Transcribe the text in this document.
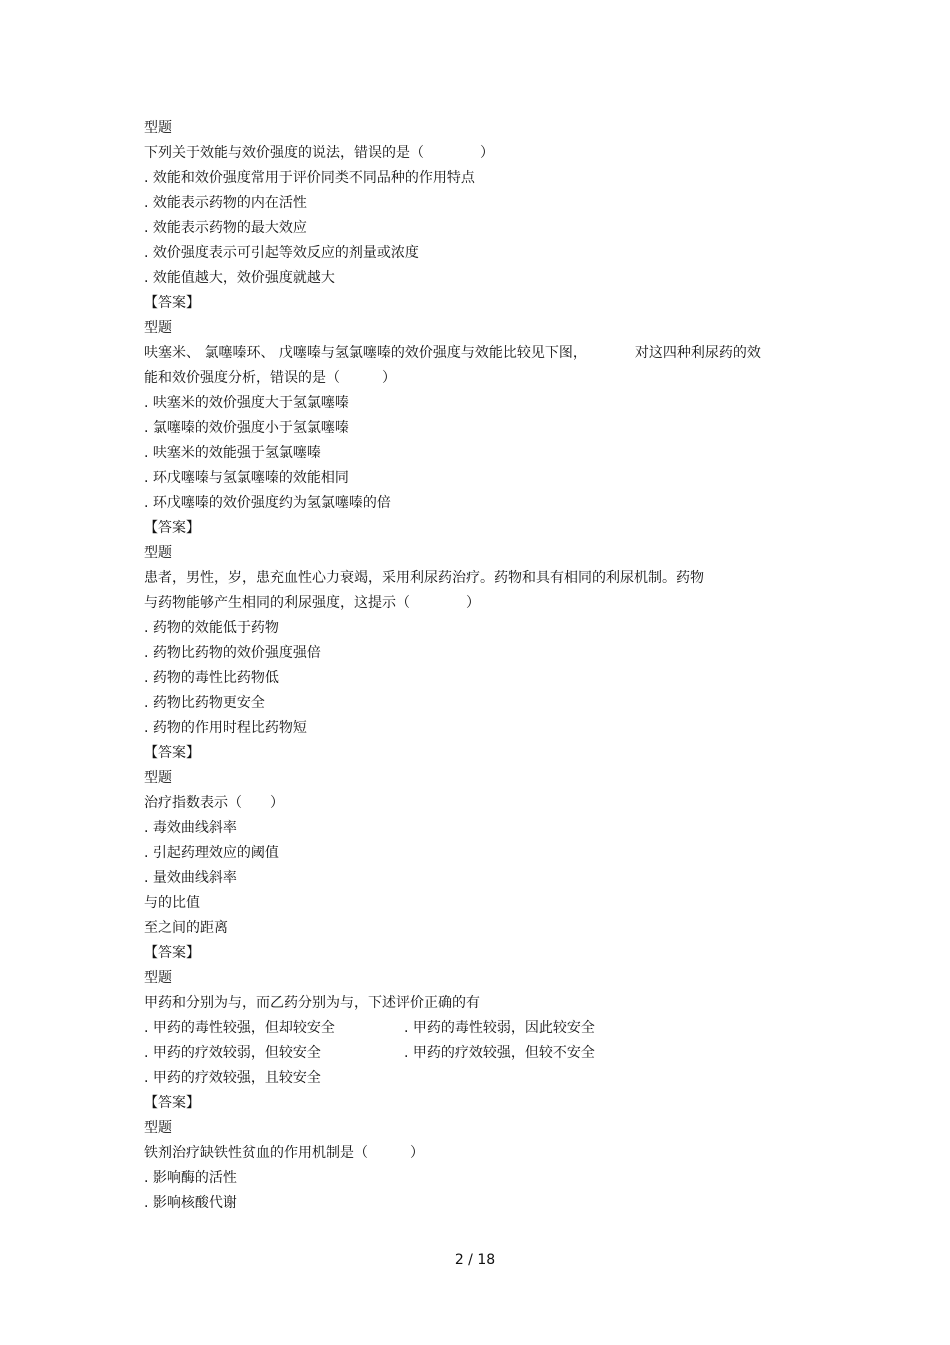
型题
下列关于效能与效价强度的说法，错误的是（　　　　）
. 效能和效价强度常用于评价同类不同品种的作用特点
. 效能表示药物的内在活性
. 效能表示药物的最大效应
. 效价强度表示可引起等效反应的剂量或浓度
. 效能值越大，效价强度就越大
【答案】
型题
呋塞米、 氯噻嗪环、 戊噻嗪与氢氯噻嗪的效价强度与效能比较见下图，	对这四种利尿药的效
能和效价强度分析，错误的是（　　　）
. 呋塞米的效价强度大于氢氯噻嗪
. 氯噻嗪的效价强度小于氢氯噻嗪
. 呋塞米的效能强于氢氯噻嗪
. 环戊噻嗪与氢氯噻嗪的效能相同
. 环戊噻嗪的效价强度约为氢氯噻嗪的倍
【答案】
型题
患者，男性，岁，患充血性心力衰竭，采用利尿药治疗。药物和具有相同的利尿机制。药物
与药物能够产生相同的利尿强度，这提示（　　　　）
. 药物的效能低于药物
. 药物比药物的效价强度强倍
. 药物的毒性比药物低
. 药物比药物更安全
. 药物的作用时程比药物短
【答案】
型题
治疗指数表示（　　）
. 毒效曲线斜率
. 引起药理效应的阈值
. 量效曲线斜率
与的比值
至之间的距离
【答案】
型题
甲药和分别为与，而乙药分别为与，下述评价正确的有
. 甲药的毒性较强，但却较安全	. 甲药的毒性较弱，因此较安全
. 甲药的疗效较弱，但较安全	. 甲药的疗效较强，但较不安全
. 甲药的疗效较强，且较安全
【答案】
型题
铁剂治疗缺铁性贫血的作用机制是（　　　）
. 影响酶的活性
. 影响核酸代谢
2 / 18
